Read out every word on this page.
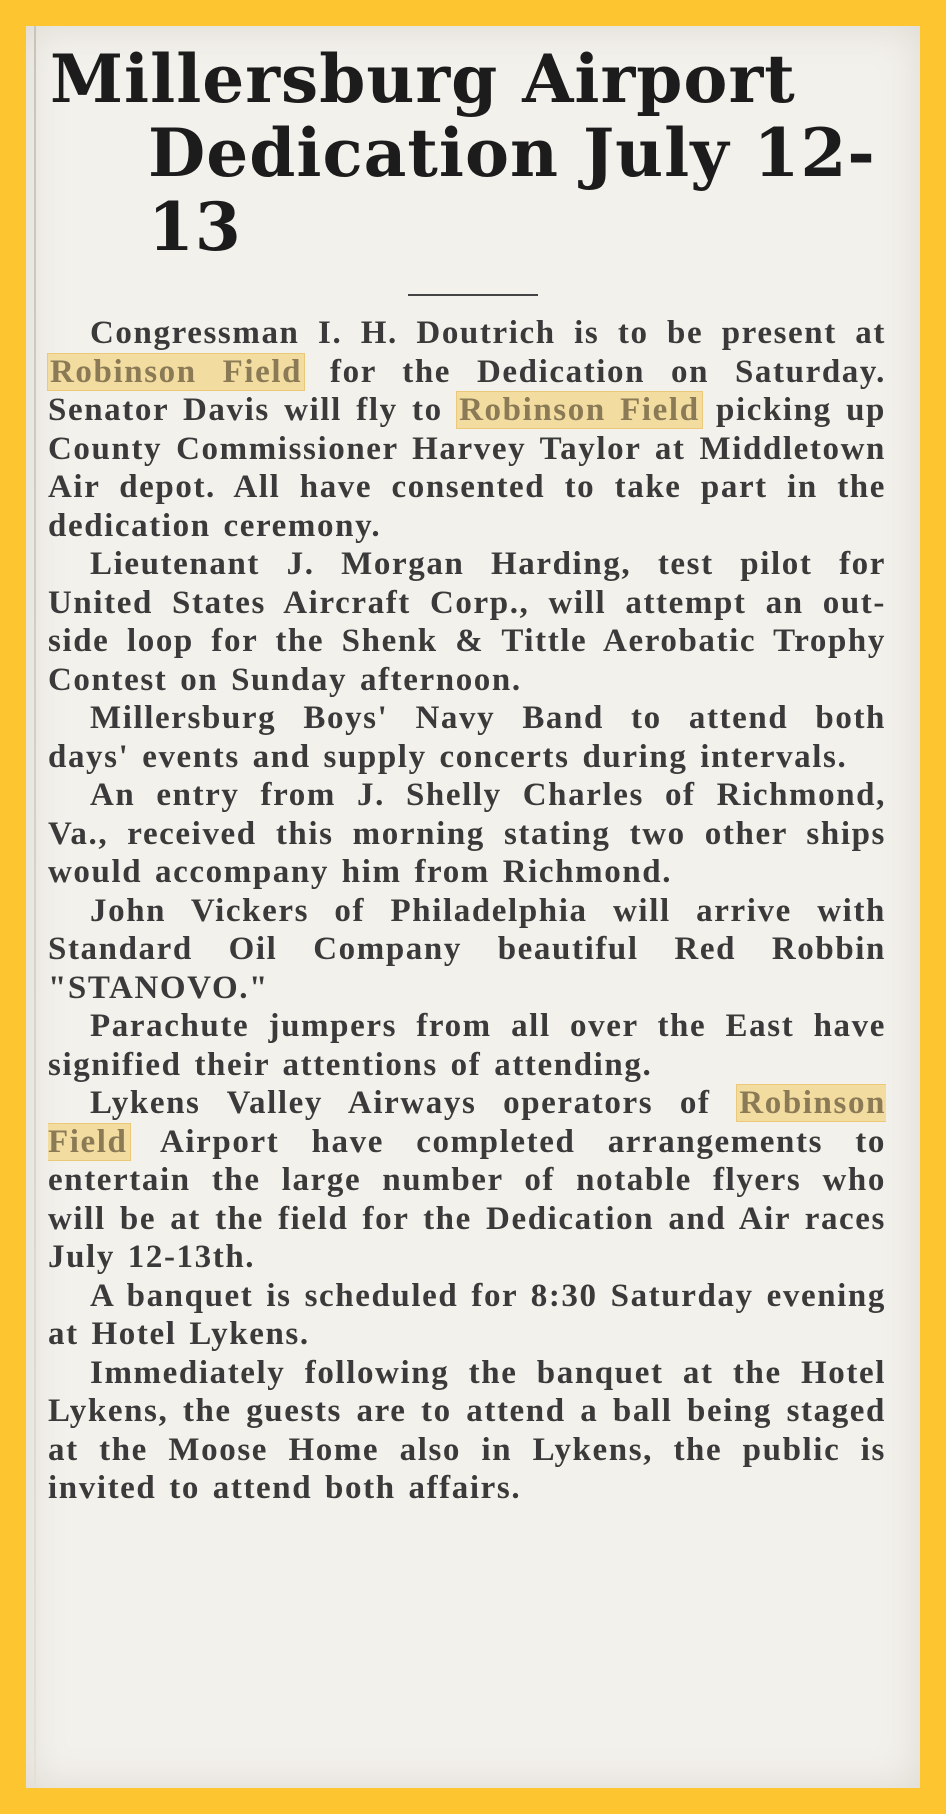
Millersburg Airport
Dedication July 12-13

Congressman I. H. Doutrich is to be present at Robinson Field for the Dedication on Saturday. Senator Davis will fly to Robinson Field picking up County Commissioner Harvey Taylor at Middletown Air depot. All have consented to take part in the dedication ceremony.

Lieutenant J. Morgan Harding, test pilot for United States Aircraft Corp., will attempt an out-side loop for the Shenk & Tittle Aerobatic Trophy Contest on Sunday afternoon.

Millersburg Boys' Navy Band to attend both days' events and supply concerts during intervals.

An entry from J. Shelly Charles of Richmond, Va., received this morning stating two other ships would accompany him from Richmond.

John Vickers of Philadelphia will arrive with Standard Oil Company beautiful Red Robbin "STANOVO."

Parachute jumpers from all over the East have signified their attentions of attending.

Lykens Valley Airways operators of Robinson Field Airport have completed arrangements to entertain the large number of notable flyers who will be at the field for the Dedication and Air races July 12-13th.

A banquet is scheduled for 8:30 Saturday evening at Hotel Lykens.

Immediately following the banquet at the Hotel Lykens, the guests are to attend a ball being staged at the Moose Home also in Lykens, the public is invited to attend both affairs.
